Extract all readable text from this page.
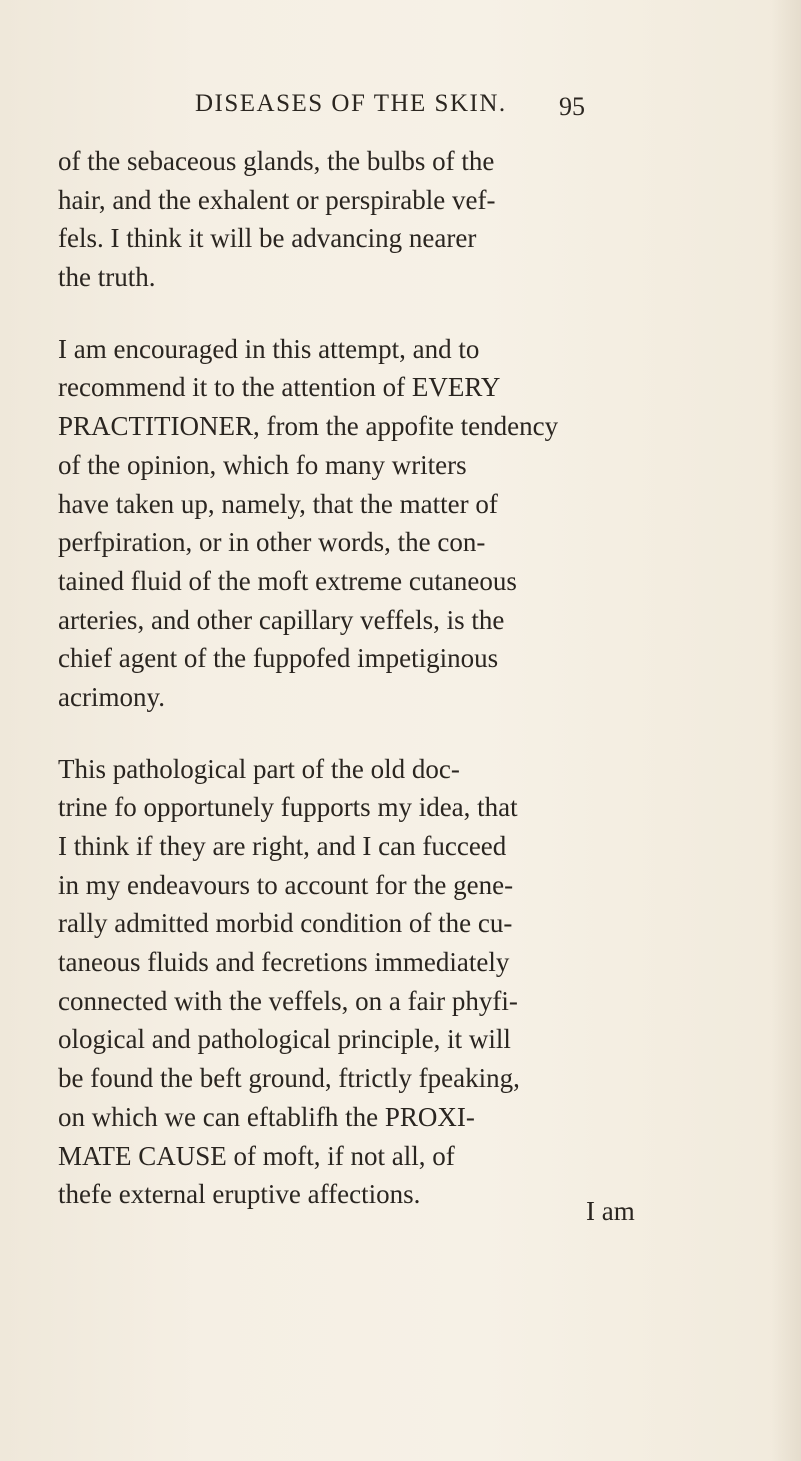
DISEASES OF THE SKIN. 95
of the sebaceous glands, the bulbs of the
hair, and the exhalent or perspirable vef-
fels. I think it will be advancing nearer
the truth.
I am encouraged in this attempt, and to
recommend it to the attention of EVERY
PRACTITIONER, from the appofite tendency
of the opinion, which fo many writers
have taken up, namely, that the matter of
perfpiration, or in other words, the con-
tained fluid of the moft extreme cutaneous
arteries, and other capillary veffels, is the
chief agent of the fuppofed impetiginous
acrimony.
This pathological part of the old doc-
trine fo opportunely fupports my idea, that
I think if they are right, and I can fucceed
in my endeavours to account for the gene-
rally admitted morbid condition of the cu-
taneous fluids and fecretions immediately
connected with the veffels, on a fair phyfi-
ological and pathological principle, it will
be found the beft ground, ftrictly fpeaking,
on which we can eftablifh the PROXI-
MATE CAUSE of moft, if not all, of
thefe external eruptive affections.
I am
